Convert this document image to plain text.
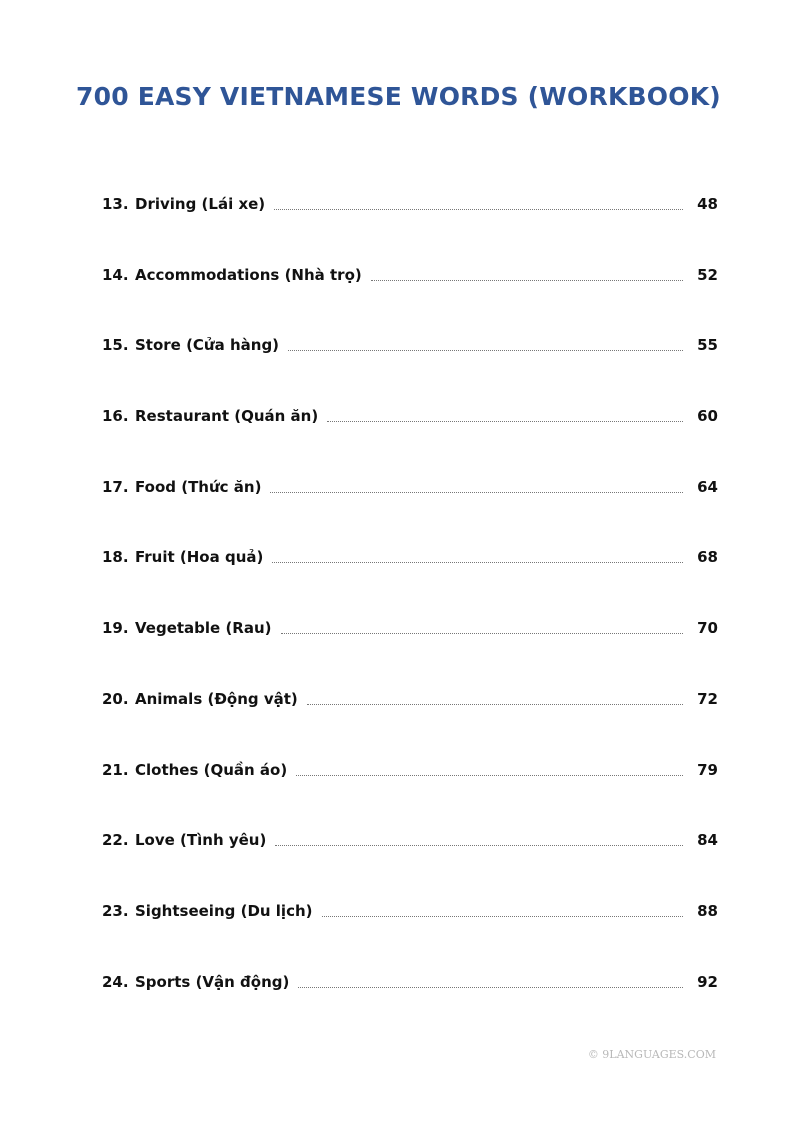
700 EASY VIETNAMESE WORDS (WORKBOOK)
13. Driving (Lái xe)	48
14. Accommodations (Nhà trọ)	52
15. Store (Cửa hàng)	55
16. Restaurant (Quán ăn)	60
17. Food (Thức ăn)	64
18. Fruit (Hoa quả)	68
19. Vegetable (Rau)	70
20. Animals (Động vật)	72
21. Clothes (Quần áo)	79
22. Love (Tình yêu)	84
23. Sightseeing (Du lịch)	88
24. Sports (Vận động)	92
© 9LANGUAGES.COM
